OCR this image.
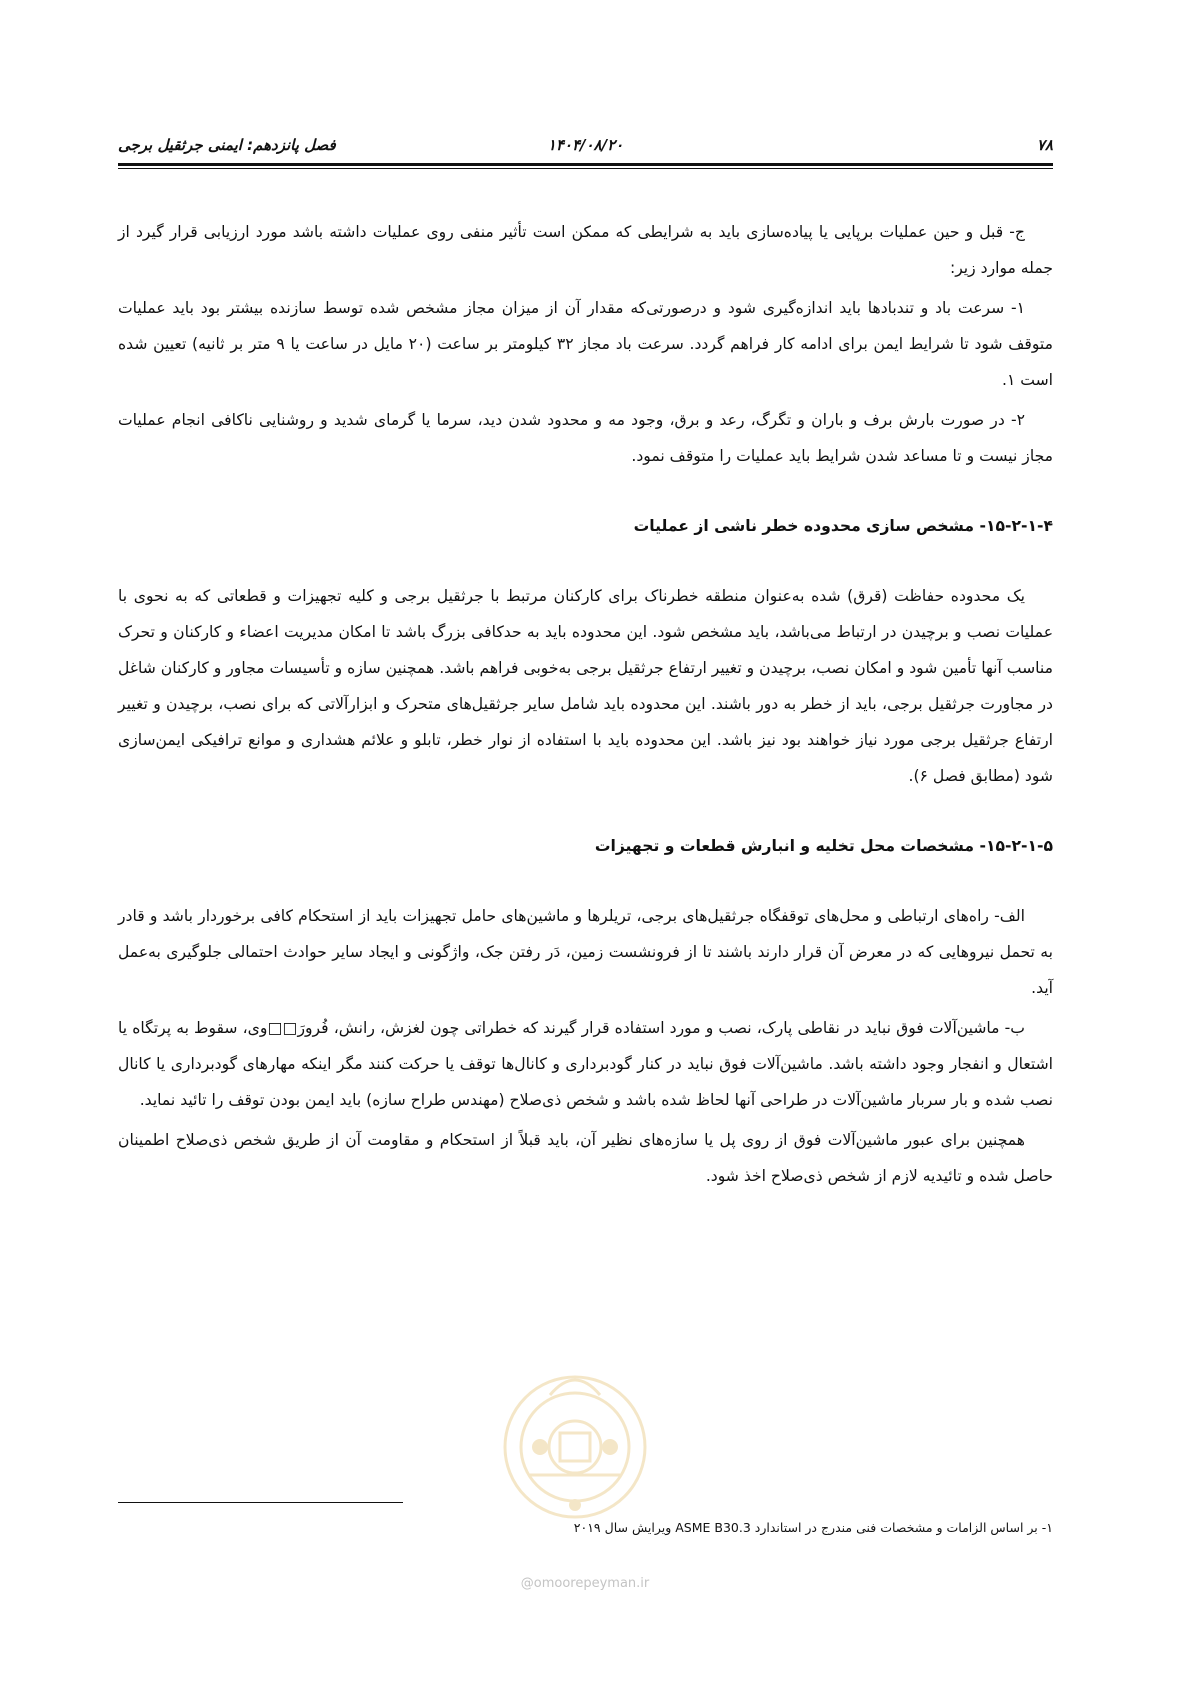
۷۸
۱۴۰۴/۰۸/۲۰
فصل پانزدهم: ایمنی جرثقیل برجی

ج- قبل و حین عملیات برپایی یا پیاده‌سازی باید به شرایطی که ممکن است تأثیر منفی روی عملیات داشته باشد مورد ارزیابی قرار گیرد از جمله موارد زیر:

۱- سرعت باد و تندبادها باید اندازه‌گیری شود و درصورتی‌که مقدار آن از میزان مجاز مشخص شده توسط سازنده بیشتر بود باید عملیات متوقف شود تا شرایط ایمن برای ادامه کار فراهم گردد. سرعت باد مجاز ۳۲ کیلومتر بر ساعت (۲۰ مایل در ساعت یا ۹ متر بر ثانیه) تعیین شده است ۱.

۲- در صورت بارش برف و باران و تگرگ، رعد و برق، وجود مه و محدود شدن دید، سرما یا گرمای شدید و روشنایی ناکافی انجام عملیات مجاز نیست و تا مساعد شدن شرایط باید عملیات را متوقف نمود.

۱۵-۲-۱-۴- مشخص سازی محدوده خطر ناشی از عملیات

یک محدوده حفاظت (قرق) شده به‌عنوان منطقه خطرناک برای کارکنان مرتبط با جرثقیل برجی و کلیه تجهیزات و قطعاتی که به نحوی با عملیات نصب و برچیدن در ارتباط می‌باشد، باید مشخص شود. این محدوده باید به حدکافی بزرگ باشد تا امکان مدیریت اعضاء و کارکنان و تحرک مناسب آنها تأمین شود و امکان نصب، برچیدن و تغییر ارتفاع جرثقیل برجی به‌خوبی فراهم باشد. همچنین سازه و تأسیسات مجاور و کارکنان شاغل در مجاورت جرثقیل برجی، باید از خطر به دور باشند. این محدوده باید شامل سایر جرثقیل‌های متحرک و ابزارآلاتی که برای نصب، برچیدن و تغییر ارتفاع جرثقیل برجی مورد نیاز خواهند بود نیز باشد. این محدوده باید با استفاده از نوار خطر، تابلو و علائم هشداری و موانع ترافیکی ایمن‌سازی شود (مطابق فصل ۶).

۱۵-۲-۱-۵- مشخصات محل تخلیه و انبارش قطعات و تجهیزات

الف- راه‌های ارتباطی و محل‌های توقفگاه جرثقیل‌های برجی، تریلرها و ماشین‌های حامل تجهیزات باید از استحکام کافی برخوردار باشد و قادر به تحمل نیروهایی که در معرض آن قرار دارند باشند تا از فرونشست زمین، دَر رفتن جک، واژگونی و ایجاد سایر حوادث احتمالی جلوگیری به‌عمل آید.

ب- ماشین‌آلات فوق نباید در نقاطی پارک، نصب و مورد استفاده قرار گیرند که خطراتی چون لغزش، رانش، فُرورَ□□وی، سقوط به پرتگاه یا اشتعال و انفجار وجود داشته باشد. ماشین‌آلات فوق نباید در کنار گودبرداری و کانال‌ها توقف یا حرکت کنند مگر اینکه مهارهای گودبرداری یا کانال نصب شده و بار سربار ماشین‌آلات در طراحی آنها لحاظ شده باشد و شخص ذی‌صلاح (مهندس طراح سازه) باید ایمن بودن توقف را تائید نماید.

همچنین برای عبور ماشین‌آلات فوق از روی پل یا سازه‌های نظیر آن، باید قبلاً از استحکام و مقاومت آن از طریق شخص ذی‌صلاح اطمینان حاصل شده و تائیدیه لازم از شخص ذی‌صلاح اخذ شود.

۱- بر اساس الزامات و مشخصات فنی مندرج در استاندارد ASME B30.3 ویرایش سال ۲۰۱۹
@omoorepeyman.ir
